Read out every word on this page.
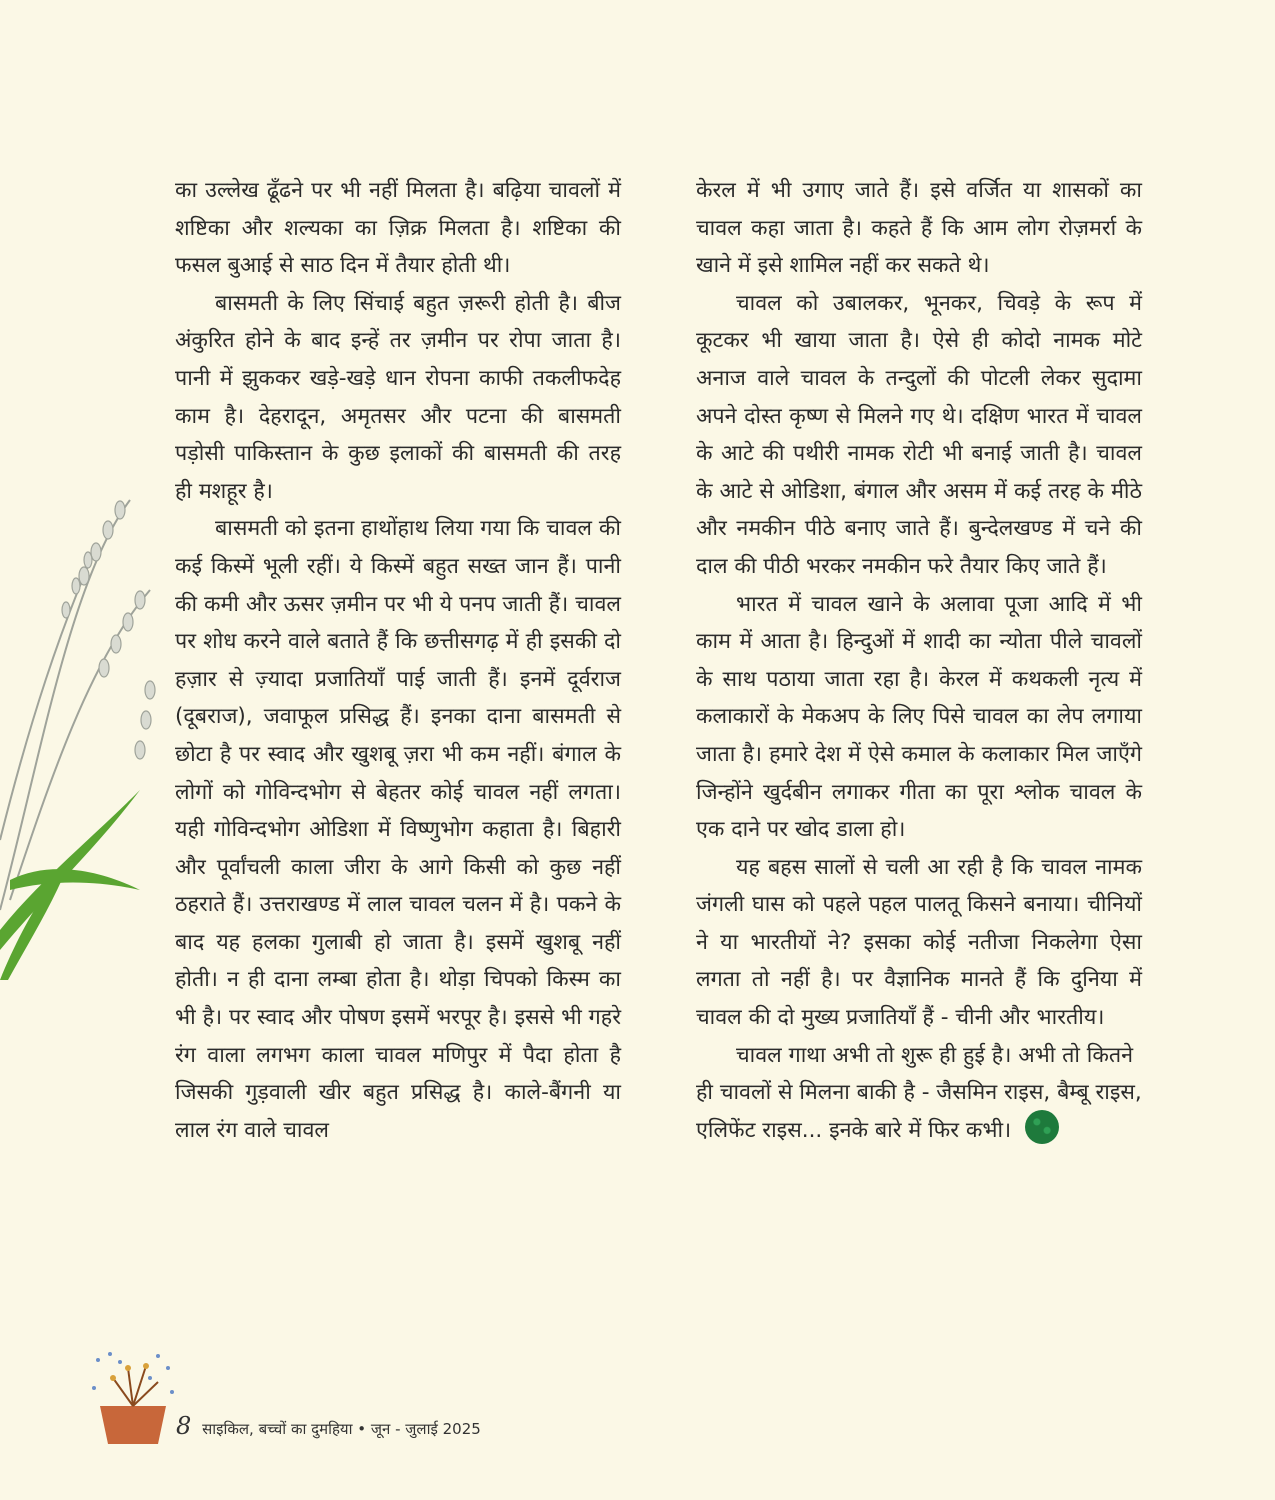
का उल्लेख ढूँढने पर भी नहीं मिलता है। बढ़िया चावलों में शष्टिका और शल्यका का ज़िक्र मिलता है। शष्टिका की फसल बुआई से साठ दिन में तैयार होती थी।

बासमती के लिए सिंचाई बहुत ज़रूरी होती है। बीज अंकुरित होने के बाद इन्हें तर ज़मीन पर रोपा जाता है। पानी में झुककर खड़े-खड़े धान रोपना काफी तकलीफदेह काम है। देहरादून, अमृतसर और पटना की बासमती पड़ोसी पाकिस्तान के कुछ इलाकों की बासमती की तरह ही मशहूर है।

बासमती को इतना हाथोंहाथ लिया गया कि चावल की कई किस्में भूली रहीं। ये किस्में बहुत सख्त जान हैं। पानी की कमी और ऊसर ज़मीन पर भी ये पनप जाती हैं। चावल पर शोध करने वाले बताते हैं कि छत्तीसगढ़ में ही इसकी दो हज़ार से ज़्यादा प्रजातियाँ पाई जाती हैं। इनमें दूर्वराज (दूबराज), जवाफूल प्रसिद्ध हैं। इनका दाना बासमती से छोटा है पर स्वाद और खुशबू ज़रा भी कम नहीं। बंगाल के लोगों को गोविन्दभोग से बेहतर कोई चावल नहीं लगता। यही गोविन्दभोग ओडिशा में विष्णुभोग कहाता है। बिहारी और पूर्वांचली काला जीरा के आगे किसी को कुछ नहीं ठहराते हैं। उत्तराखण्ड में लाल चावल चलन में है। पकने के बाद यह हलका गुलाबी हो जाता है। इसमें खुशबू नहीं होती। न ही दाना लम्बा होता है। थोड़ा चिपको किस्म का भी है। पर स्वाद और पोषण इसमें भरपूर है। इससे भी गहरे रंग वाला लगभग काला चावल मणिपुर में पैदा होता है जिसकी गुड़वाली खीर बहुत प्रसिद्ध है। काले-बैंगनी या लाल रंग वाले चावल

केरल में भी उगाए जाते हैं। इसे वर्जित या शासकों का चावल कहा जाता है। कहते हैं कि आम लोग रोज़मर्रा के खाने में इसे शामिल नहीं कर सकते थे।

चावल को उबालकर, भूनकर, चिवड़े के रूप में कूटकर भी खाया जाता है। ऐसे ही कोदो नामक मोटे अनाज वाले चावल के तन्दुलों की पोटली लेकर सुदामा अपने दोस्त कृष्ण से मिलने गए थे। दक्षिण भारत में चावल के आटे की पथीरी नामक रोटी भी बनाई जाती है। चावल के आटे से ओडिशा, बंगाल और असम में कई तरह के मीठे और नमकीन पीठे बनाए जाते हैं। बुन्देलखण्ड में चने की दाल की पीठी भरकर नमकीन फरे तैयार किए जाते हैं।

भारत में चावल खाने के अलावा पूजा आदि में भी काम में आता है। हिन्दुओं में शादी का न्योता पीले चावलों के साथ पठाया जाता रहा है। केरल में कथकली नृत्य में कलाकारों के मेकअप के लिए पिसे चावल का लेप लगाया जाता है। हमारे देश में ऐसे कमाल के कलाकार मिल जाएँगे जिन्होंने खुर्दबीन लगाकर गीता का पूरा श्लोक चावल के एक दाने पर खोद डाला हो।

यह बहस सालों से चली आ रही है कि चावल नामक जंगली घास को पहले पहल पालतू किसने बनाया। चीनियों ने या भारतीयों ने? इसका कोई नतीजा निकलेगा ऐसा लगता तो नहीं है। पर वैज्ञानिक मानते हैं कि दुनिया में चावल की दो मुख्य प्रजातियाँ हैं - चीनी और भारतीय।

चावल गाथा अभी तो शुरू ही हुई है। अभी तो कितने ही चावलों से मिलना बाकी है - जैसमिन राइस, बैम्बू राइस, एलिफेंट राइस... इनके बारे में फिर कभी।

8 साइकिल, बच्चों का दुमहिया • जून - जुलाई 2025
